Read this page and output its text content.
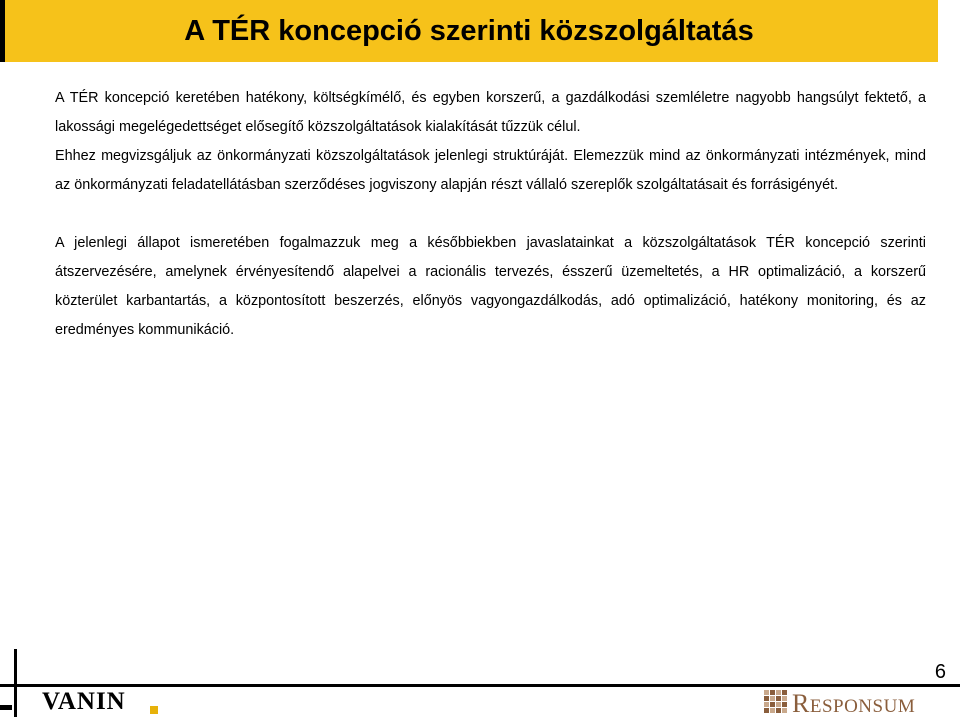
A TÉR koncepció szerinti közszolgáltatás

A TÉR koncepció keretében hatékony, költségkímélő, és egyben korszerű, a gazdálkodási szemléletre nagyobb hangsúlyt fektető, a lakossági megelégedettséget elősegítő közszolgáltatások kialakítását tűzzük célul.

Ehhez megvizsgáljuk az önkormányzati közszolgáltatások jelenlegi struktúráját. Elemezzük mind az önkormányzati intézmények, mind az önkormányzati feladatellátásban szerződéses jogviszony alapján részt vállaló szereplők szolgáltatásait és forrásigényét.

A jelenlegi állapot ismeretében fogalmazzuk meg a későbbiekben javaslatainkat a közszolgáltatások TÉR koncepció szerinti átszervezésére, amelynek érvényesítendő alapelvei a racionális tervezés, ésszerű üzemeltetés, a HR optimalizáció, a korszerű közterület karbantartás, a központosított beszerzés, előnyös vagyongazdálkodás, adó optimalizáció, hatékony monitoring, és az eredményes kommunikáció.

6
VANIN	RESPONSUM
